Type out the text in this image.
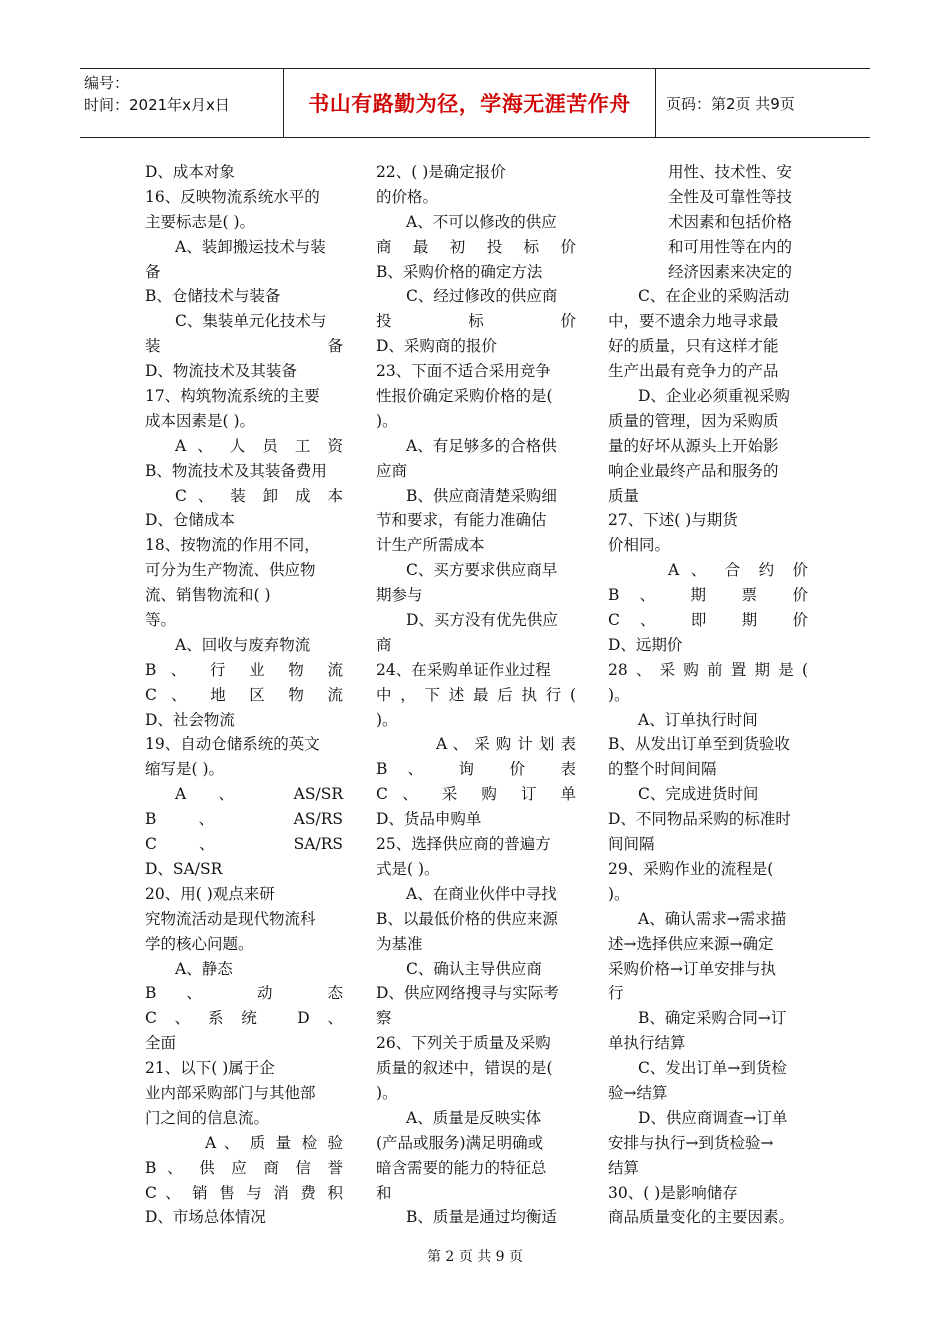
编号：
时间：2021年x月x日	书山有路勤为径，学海无涯苦作舟 页码：第2页 共9页
D、成本对象
16、反映物流系统水平的
主要标志是( )。
A、装卸搬运技术与装
备
B、仓储技术与装备
C、集装单元化技术与
装 备
D、物流技术及其装备
17、构筑物流系统的主要
成本因素是( )。
A 、 人 员 工 资
B、物流技术及其装备费用
C 、 装 卸 成 本
D、仓储成本
18、按物流的作用不同，
可分为生产物流、供应物
流、销售物流和( )
等。
A、回收与废弃物流
B 、 行 业 物 流
C 、 地 区 物 流
D、社会物流
19、自动仓储系统的英文
缩写是( )。
A 、 AS/SR
B 、 AS/RS
C 、 SA/RS
D、SA/SR
20、用( )观点来研
究物流活动是现代物流科
学的核心问题。
A、静态
B 、 动 态
C、系统 D、
全面
21、以下( )属于企
业内部采购部门与其他部
门之间的信息流。
A 、 质 量 检 验
B 、 供 应 商 信 誉
C 、 销 售 与 消 费 积
D、市场总体情况
22、( )是确定报价
的价格。
A、不可以修改的供应
商 最 初 投 标 价
B、采购价格的确定方法
C、经过修改的供应商
投 标 价
D、采购商的报价
23、下面不适合采用竞争
性报价确定采购价格的是(
)。
A、有足够多的合格供
应商
B、供应商清楚采购细
节和要求，有能力准确估
计生产所需成本
C、买方要求供应商早
期参与
D、买方没有优先供应
商
24、在采购单证作业过程
中，下述最后执行(
)。
A 、 采 购 计 划 表
B 、 询 价 表
C 、 采 购 订 单
D、货品申购单
25、选择供应商的普遍方
式是( )。
A、在商业伙伴中寻找
B、以最低价格的供应来源
为基准
C、确认主导供应商
D、供应网络搜寻与实际考
察
26、下列关于质量及采购
质量的叙述中，错误的是(
)。
A、质量是反映实体
(产品或服务)满足明确或
暗含需要的能力的特征总
和
B、质量是通过均衡适
用性、技术性、安
全性及可靠性等技
术因素和包括价格
和可用性等在内的
经济因素来决定的
C、在企业的采购活动
中，要不遗余力地寻求最
好的质量，只有这样才能
生产出最有竞争力的产品
D、企业必须重视采购
质量的管理，因为采购质
量的好坏从源头上开始影
响企业最终产品和服务的
质量
27、下述( )与期货
价相同。
A 、 合 约 价
B 、 期 票 价
C 、 即 期 价
D、远期价
28、采购前置期是(
)。
A、订单执行时间
B、从发出订单至到货验收
的整个时间间隔
C、完成进货时间
D、不同物品采购的标准时
间间隔
29、采购作业的流程是(
)。
A、确认需求→需求描
述→选择供应来源→确定
采购价格→订单安排与执
行
B、确定采购合同→订
单执行结算
C、发出订单→到货检
验→结算
D、供应商调查→订单
安排与执行→到货检验→
结算
30、( )是影响储存
商品质量变化的主要因素。
第 2 页 共 9 页
